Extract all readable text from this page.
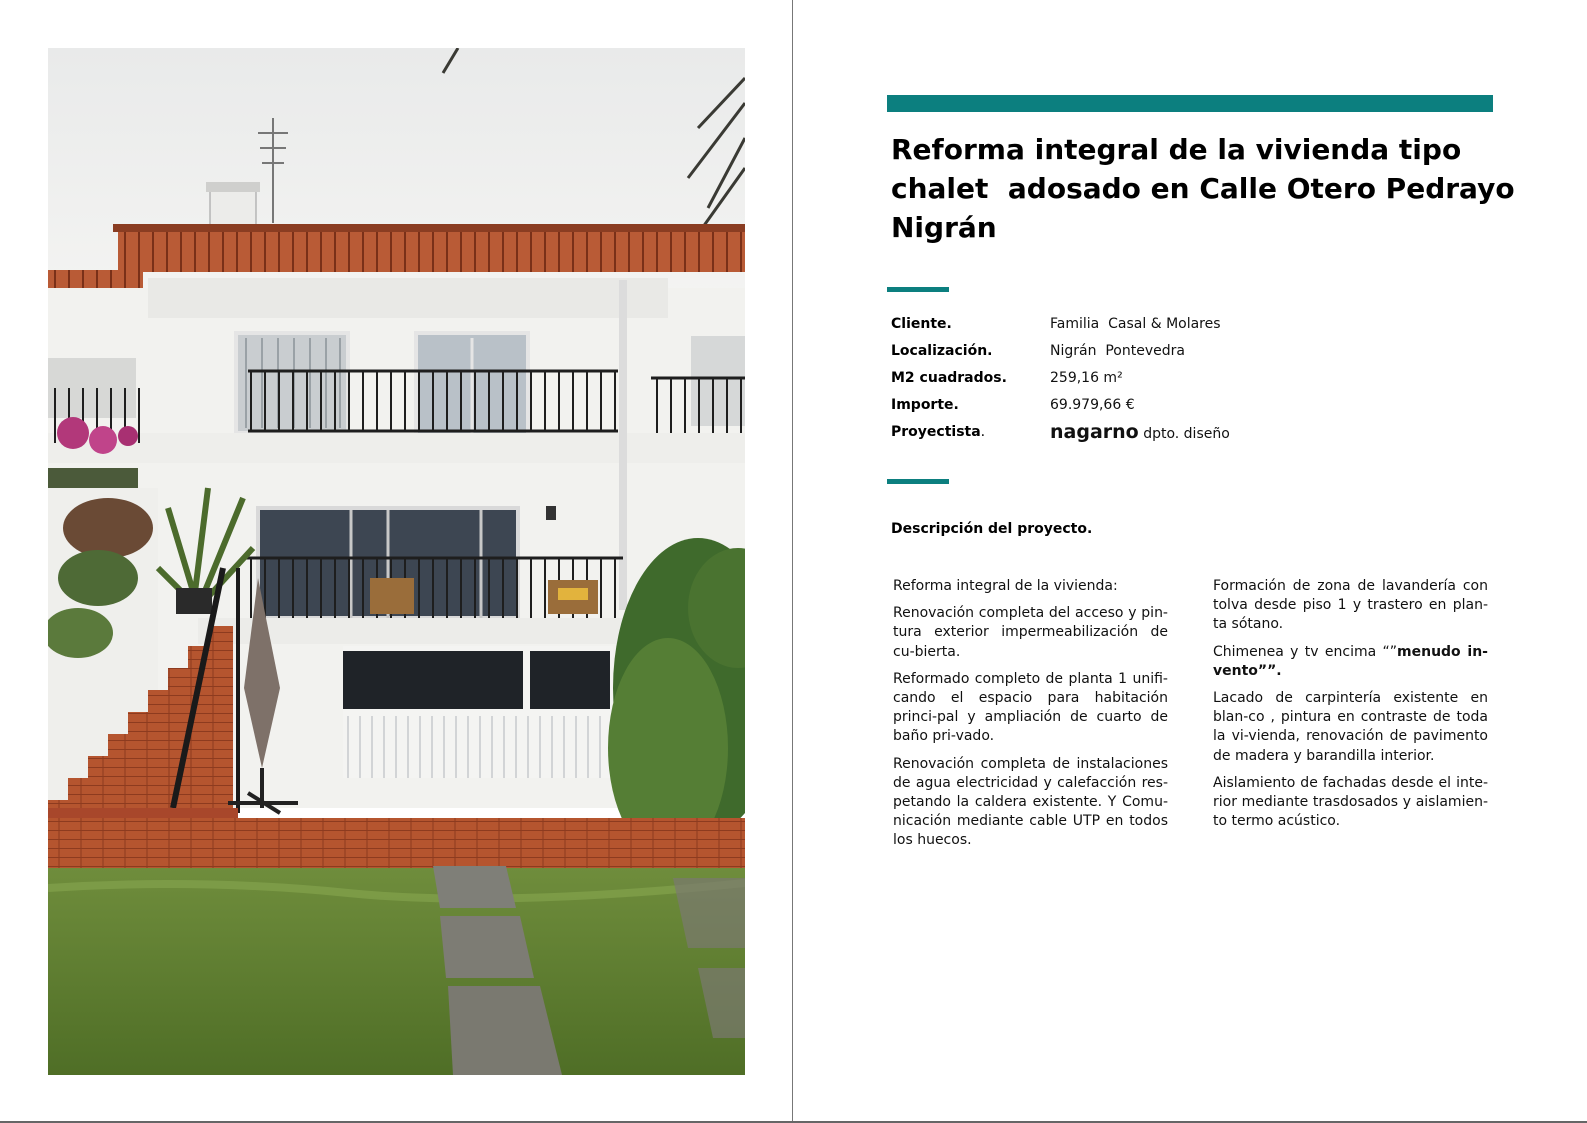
Reforma integral de la vivienda tipo
chalet  adosado en Calle Otero Pedrayo
Nigrán
Cliente.	Familia  Casal & Molares
Localización.	Nigrán  Pontevedra
M2 cuadrados.	259,16 m²
Importe.	69.979,66 €
Proyectista.	nagarno dpto. diseño
Descripción del proyecto.

Reforma integral de la vivienda:

Renovación completa del acceso y pin-tura exterior impermeabilización de cu-bierta.

Reformado completo de planta 1 unifi-cando el espacio para habitación princi-pal y ampliación de cuarto de baño pri-vado.

Renovación completa de instalaciones de agua electricidad y calefacción res-petando la caldera existente. Y Comu-nicación mediante cable UTP en todos los huecos.

Formación de zona de lavandería con tolva desde piso 1 y trastero en plan-ta sótano.

Chimenea y tv encima “”menudo in-vento””.

Lacado de carpintería existente en blan-co , pintura en contraste de toda la vi-vienda, renovación de pavimento de madera y barandilla interior.

Aislamiento de fachadas desde el inte-rior mediante trasdosados y aislamien-to termo acústico.
